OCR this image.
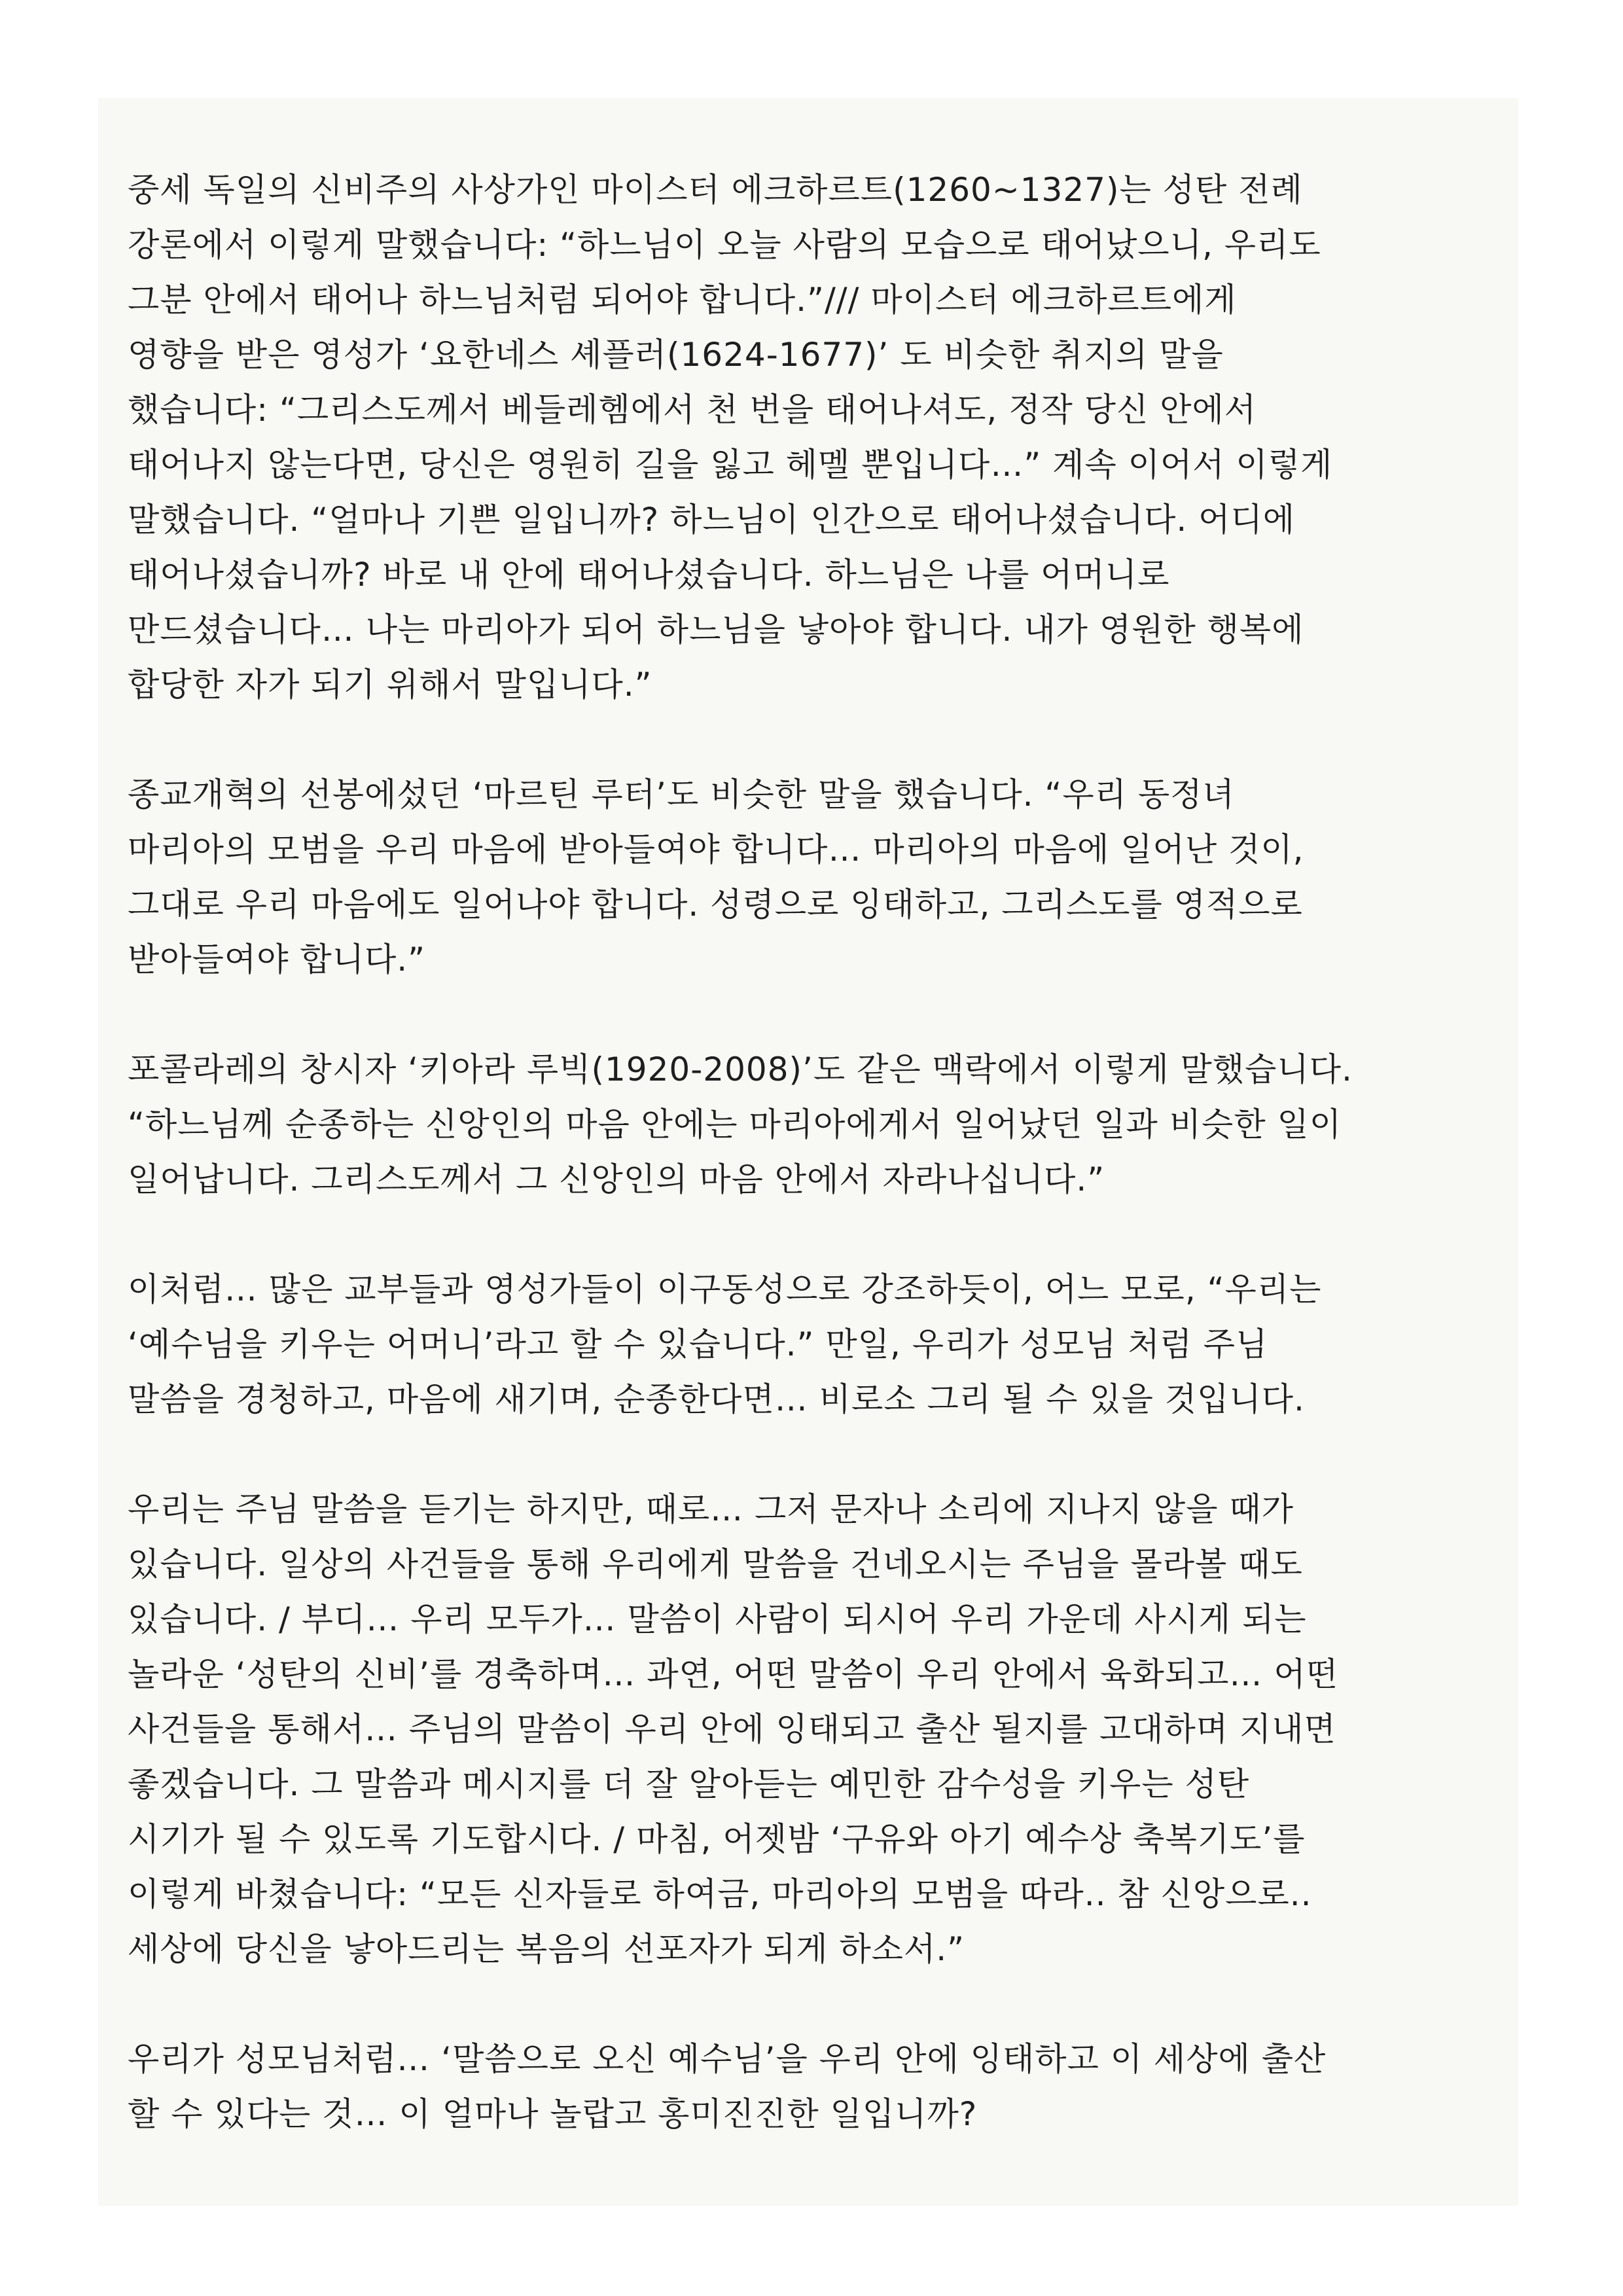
중세 독일의 신비주의 사상가인 마이스터 에크하르트(1260~1327)는 성탄 전례
강론에서 이렇게 말했습니다: “하느님이 오늘 사람의 모습으로 태어났으니, 우리도
그분 안에서 태어나 하느님처럼 되어야 합니다.”/// 마이스터 에크하르트에게
영향을 받은 영성가 ‘요한네스 셰플러(1624-1677)’ 도 비슷한 취지의 말을
했습니다: “그리스도께서 베들레헴에서 천 번을 태어나셔도, 정작 당신 안에서
태어나지 않는다면, 당신은 영원히 길을 잃고 헤멜 뿐입니다…” 계속 이어서 이렇게
말했습니다. “얼마나 기쁜 일입니까? 하느님이 인간으로 태어나셨습니다. 어디에
태어나셨습니까? 바로 내 안에 태어나셨습니다. 하느님은 나를 어머니로
만드셨습니다… 나는 마리아가 되어 하느님을 낳아야 합니다. 내가 영원한 행복에
합당한 자가 되기 위해서 말입니다.”
종교개혁의 선봉에섰던 ‘마르틴 루터’도 비슷한 말을 했습니다. “우리 동정녀
마리아의 모범을 우리 마음에 받아들여야 합니다… 마리아의 마음에 일어난 것이,
그대로 우리 마음에도 일어나야 합니다. 성령으로 잉태하고, 그리스도를 영적으로
받아들여야 합니다.”
포콜라레의 창시자 ‘키아라 루빅(1920-2008)’도 같은 맥락에서 이렇게 말했습니다.
“하느님께 순종하는 신앙인의 마음 안에는 마리아에게서 일어났던 일과 비슷한 일이
일어납니다. 그리스도께서 그 신앙인의 마음 안에서 자라나십니다.”
이처럼… 많은 교부들과 영성가들이 이구동성으로 강조하듯이, 어느 모로, “우리는
‘예수님을 키우는 어머니’라고 할 수 있습니다.” 만일, 우리가 성모님 처럼 주님
말씀을 경청하고, 마음에 새기며, 순종한다면… 비로소 그리 될 수 있을 것입니다.
우리는 주님 말씀을 듣기는 하지만, 때로… 그저 문자나 소리에 지나지 않을 때가
있습니다. 일상의 사건들을 통해 우리에게 말씀을 건네오시는 주님을 몰라볼 때도
있습니다. / 부디… 우리 모두가… 말씀이 사람이 되시어 우리 가운데 사시게 되는
놀라운 ‘성탄의 신비’를 경축하며… 과연, 어떤 말씀이 우리 안에서 육화되고… 어떤
사건들을 통해서… 주님의 말씀이 우리 안에 잉태되고 출산 될지를 고대하며 지내면
좋겠습니다. 그 말씀과 메시지를 더 잘 알아듣는 예민한 감수성을 키우는 성탄
시기가 될 수 있도록 기도합시다. / 마침, 어젯밤 ‘구유와 아기 예수상 축복기도’를
이렇게 바쳤습니다: “모든 신자들로 하여금, 마리아의 모범을 따라.. 참 신앙으로..
세상에 당신을 낳아드리는 복음의 선포자가 되게 하소서.”
우리가 성모님처럼… ‘말씀으로 오신 예수님’을 우리 안에 잉태하고 이 세상에 출산
할 수 있다는 것… 이 얼마나 놀랍고 홍미진진한 일입니까?
